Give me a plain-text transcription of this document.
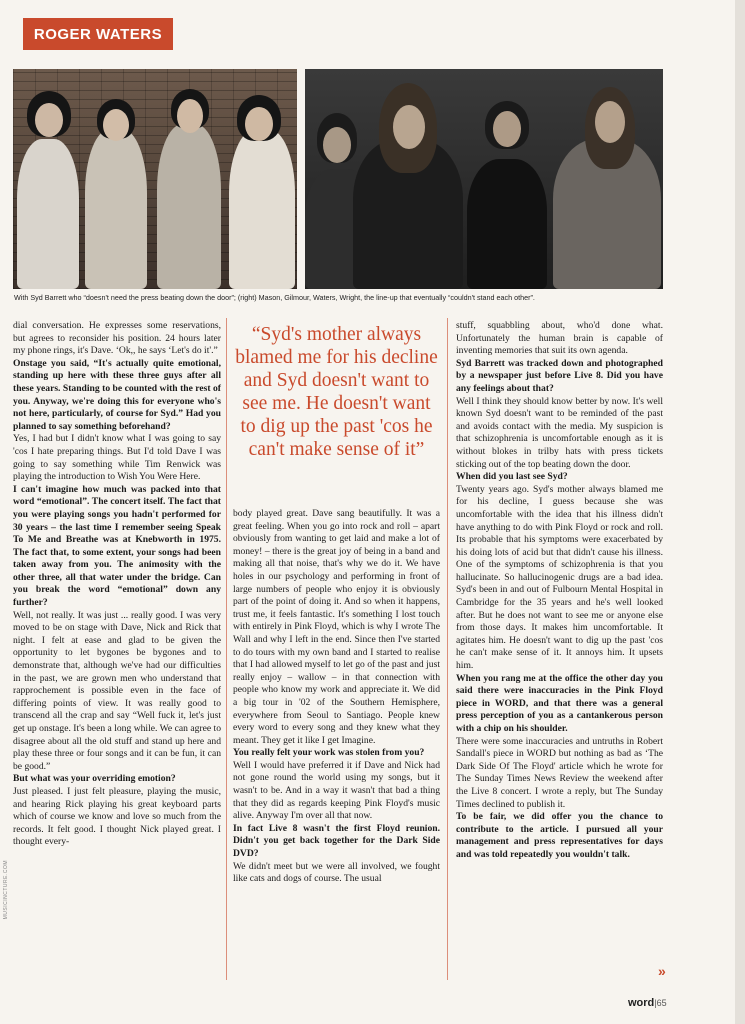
ROGER WATERS
With Syd Barrett who “doesn't need the press beating down the door”; (right) Mason, Gilmour, Waters, Wright, the line-up that eventually “couldn't stand each other”.

dial conversation. He expresses some reservations, but agrees to reconsider his position. 24 hours later my phone rings, it's Dave. ‘Ok,, he says ‘Let's do it'.”

Onstage you said, “It's actually quite emotional, standing up here with these three guys after all these years. Standing to be counted with the rest of you. Anyway, we're doing this for everyone who's not here, particularly, of course for Syd.” Had you planned to say something beforehand?

Yes, I had but I didn't know what I was going to say 'cos I hate preparing things. But I'd told Dave I was going to say something while Tim Renwick was playing the introduction to Wish You Were Here.

I can't imagine how much was packed into that word “emotional”. The concert itself. The fact that you were playing songs you hadn't performed for 30 years – the last time I remember seeing Speak To Me and Breathe was at Knebworth in 1975. The fact that, to some extent, your songs had been taken away from you. The animosity with the other three, all that water under the bridge. Can you break the word “emotional” down any further?

Well, not really. It was just ... really good. I was very moved to be on stage with Dave, Nick and Rick that night. I felt at ease and glad to be given the opportunity to let bygones be bygones and to demonstrate that, although we've had our difficulties in the past, we are grown men who understand that rapprochement is possible even in the face of differing points of view. It was really good to transcend all the crap and say “Well fuck it, let's just get up onstage. It's been a long while. We can agree to disagree about all the old stuff and stand up here and play these three or four songs and it can be fun, it can be good.”

But what was your overriding emotion?

Just pleased. I just felt pleasure, playing the music, and hearing Rick playing his great keyboard parts which of course we know and love so much from the records. It felt good. I thought Nick played great. I thought every-

“Syd's mother always blamed me for his decline and Syd doesn't want to see me. He doesn't want to dig up the past 'cos he can't make sense of it”

body played great. Dave sang beautifully. It was a great feeling. When you go into rock and roll – apart obviously from wanting to get laid and make a lot of money! – there is the great joy of being in a band and making all that noise, that's why we do it. We have holes in our psychology and performing in front of large numbers of people who enjoy it is obviously part of the point of doing it. And so when it happens, trust me, it feels fantastic. It's something I lost touch with entirely in Pink Floyd, which is why I wrote The Wall and why I left in the end. Since then I've started to do tours with my own band and I started to realise that I had allowed myself to let go of the past and just really enjoy – wallow – in that connection with people who know my work and appreciate it. We did a big tour in '02 of the Southern Hemisphere, everywhere from Seoul to Santiago. People knew every word to every song and they knew what they meant. They get it like I get Imagine.

You really felt your work was stolen from you?

Well I would have preferred it if Dave and Nick had not gone round the world using my songs, but it wasn't to be. And in a way it wasn't that bad a thing that they did as regards keeping Pink Floyd's music alive. Anyway I'm over all that now.

In fact Live 8 wasn't the first Floyd reunion. Didn't you get back together for the Dark Side DVD?

We didn't meet but we were all involved, we fought like cats and dogs of course. The usual

stuff, squabbling about, who'd done what. Unfortunately the human brain is capable of inventing memories that suit its own agenda.

Syd Barrett was tracked down and photographed by a newspaper just before Live 8. Did you have any feelings about that?

Well I think they should know better by now. It's well known Syd doesn't want to be reminded of the past and avoids contact with the media. My suspicion is that schizophrenia is uncomfortable enough as it is without blokes in trilby hats with press tickets sticking out of the top beating down the door.

When did you last see Syd?

Twenty years ago. Syd's mother always blamed me for his decline, I guess because she was uncomfortable with the idea that his illness didn't have anything to do with Pink Floyd or rock and roll. Its probable that his symptoms were exacerbated by his doing lots of acid but that didn't cause his illness. One of the symptoms of schizophrenia is that you hallucinate. So hallucinogenic drugs are a bad idea. Syd's been in and out of Fulbourn Mental Hospital in Cambridge for the 35 years and he's well looked after. But he does not want to see me or anyone else from those days. It makes him uncomfortable. It agitates him. He doesn't want to dig up the past 'cos he can't make sense of it. It annoys him. It upsets him.

When you rang me at the office the other day you said there were inaccuracies in the Pink Floyd piece in WORD, and that there was a general press perception of you as a cantankerous person with a chip on his shoulder.

There were some inaccuracies and untruths in Robert Sandall's piece in WORD but nothing as bad as ‘The Dark Side Of The Floyd' article which he wrote for The Sunday Times News Review the weekend after the Live 8 concert. I wrote a reply, but The Sunday Times declined to publish it.

To be fair, we did offer you the chance to contribute to the article. I pursued all your management and press representatives for days and was told repeatedly you wouldn't talk.

MUSICINCTURE.COM
»
word|65
